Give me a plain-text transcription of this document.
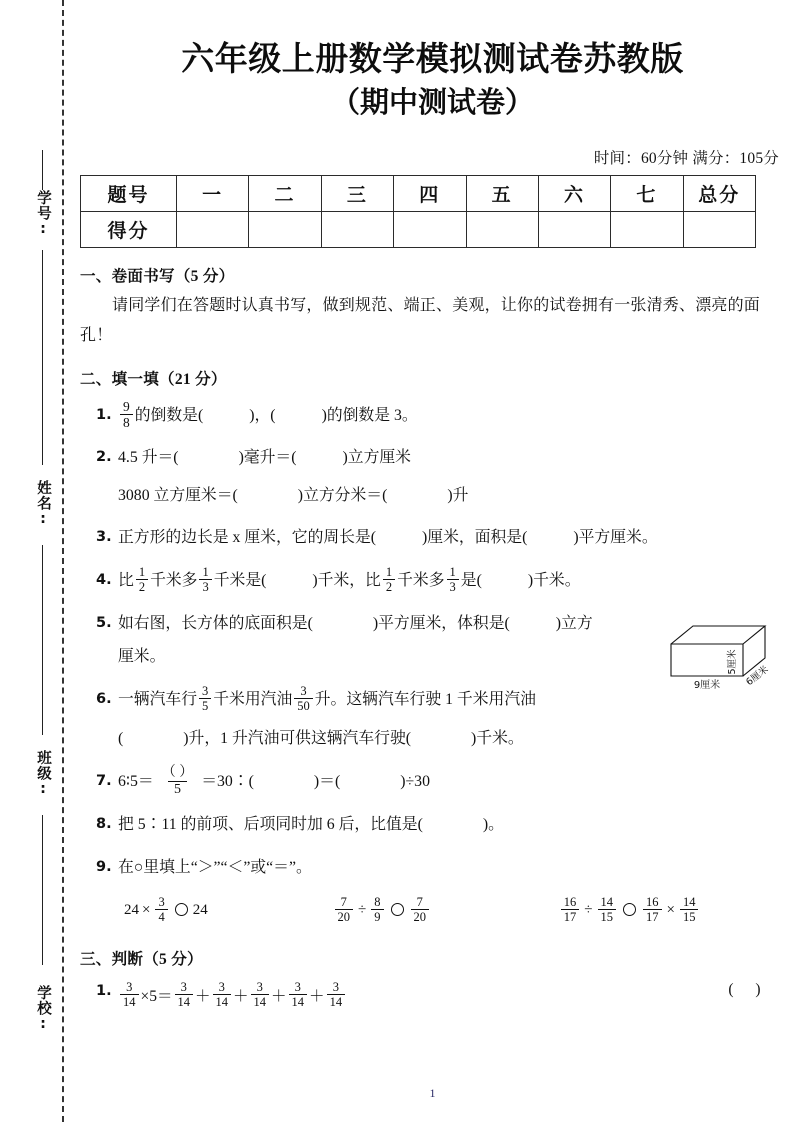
学号:
姓名:
班级:
学校:
六年级上册数学模拟测试卷苏教版
（期中测试卷）
时间：60分钟 满分：105分
题号	一	二	三	四	五	六	七	总分
得分								
一、卷面书写（5 分）
请同学们在答题时认真书写，做到规范、端正、美观，让你的试卷拥有一张清秀、漂亮的面孔！
二、填一填（21 分）
1. $\frac{9}{8}$ 的倒数是 (  )	， (  )	的倒数是 3。
2. 4.5 升＝ (  )	毫升＝ (  )	立方厘米
3080 立方厘米＝ (  )	立方分米＝ (  )	升
3. 正方形的边长是 x 厘米，它的周长是 (  )	厘米，面积是 (  )	平方厘米。
4. 比 $\frac{1}{2}$ 千米多 $\frac{1}{3}$ 千米是 (  )	千米，比 $\frac{1}{2}$ 千米多 $\frac{1}{3}$ 是 (  )	千米。
5. 如右图，长方体的底面积是 (  )	平方厘米，体积是 (  )	立方
厘米。
9厘米
5厘米
6厘米
6. 一辆汽车行 $\frac{3}{5}$ 千米用汽油 $\frac{3}{50}$ 升。这辆汽车行驶 1 千米用汽油
(  )
升，1 升汽油可供这辆汽车行驶 (  )	千米。
7. 6∶5＝ $\frac{( )}{5}$ ＝30∶ (  )	＝ (  )	÷30
8. 把 5∶11 的前项、后项同时加 6 后，比值是 (  )	。
9. 在○里填上“＞”“＜”或“＝”。
$24 \times \frac{3}{4} 24$	$\frac{7}{20} \div \frac{8}{9} \frac{7}{20}$	$\frac{16}{17} \div \frac{14}{15} \frac{16}{17} \times \frac{14}{15}$
三、判断（5 分）
1. $\frac{3}{14} \times 5= \frac{3}{14} + \frac{3}{14} + \frac{3}{14} + \frac{3}{14} + \frac{3}{14}$	( )
1
